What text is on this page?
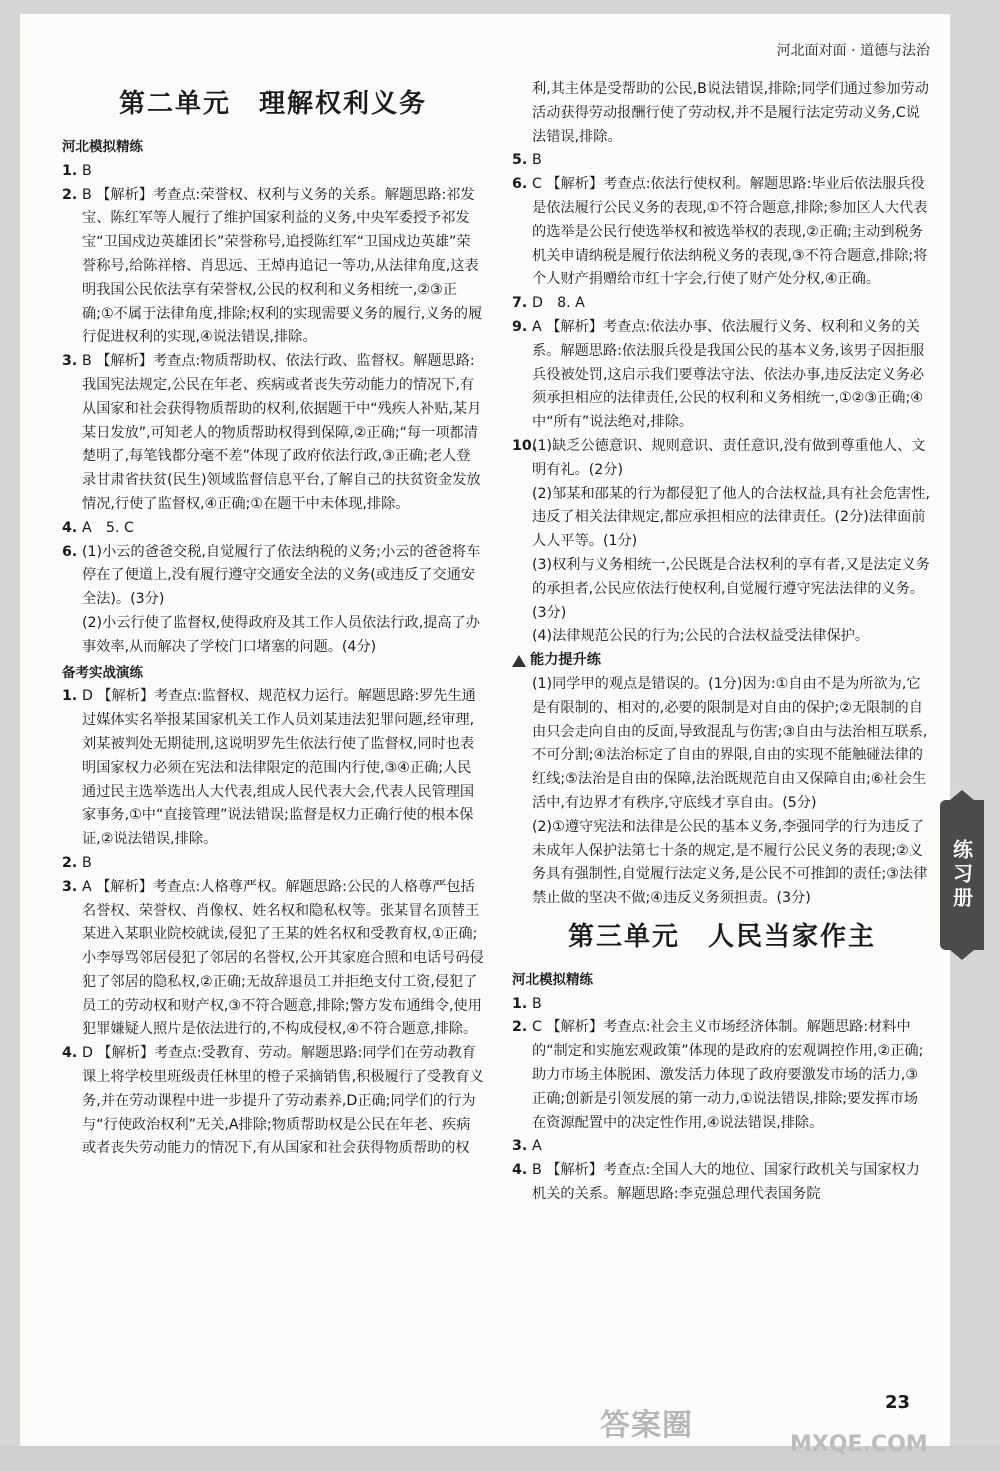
河北面对面 · 道德与法治
第二单元　理解权利义务
河北模拟精练
1. B
2. B 【解析】考查点:荣誉权、权利与义务的关系。解题思路:祁发宝、陈红军等人履行了维护国家利益的义务,中央军委授予祁发宝“卫国戍边英雄团长”荣誉称号,追授陈红军“卫国戍边英雄”荣誉称号,给陈祥榕、肖思远、王焯冉追记一等功,从法律角度,这表明我国公民依法享有荣誉权,公民的权利和义务相统一,②③正确;①不属于法律角度,排除;权利的实现需要义务的履行,义务的履行促进权利的实现,④说法错误,排除。
3. B 【解析】考查点:物质帮助权、依法行政、监督权。解题思路:我国宪法规定,公民在年老、疾病或者丧失劳动能力的情况下,有从国家和社会获得物质帮助的权利,依据题干中“残疾人补贴,某月某日发放”,可知老人的物质帮助权得到保障,②正确;“每一项都清楚明了,每笔钱都分毫不差”体现了政府依法行政,③正确;老人登录甘肃省扶贫(民生)领域监督信息平台,了解自己的扶贫资金发放情况,行使了监督权,④正确;①在题干中未体现,排除。
4. A　5. C
6. (1)小云的爸爸交税,自觉履行了依法纳税的义务;小云的爸爸将车停在了便道上,没有履行遵守交通安全法的义务(或违反了交通安全法)。(3分)
(2)小云行使了监督权,使得政府及其工作人员依法行政,提高了办事效率,从而解决了学校门口堵塞的问题。(4分)
备考实战演练
1. D 【解析】考查点:监督权、规范权力运行。解题思路:罗先生通过媒体实名举报某国家机关工作人员刘某违法犯罪问题,经审理,刘某被判处无期徒刑,这说明罗先生依法行使了监督权,同时也表明国家权力必须在宪法和法律限定的范围内行使,③④正确;人民通过民主选举选出人大代表,组成人民代表大会,代表人民管理国家事务,①中“直接管理”说法错误;监督是权力正确行使的根本保证,②说法错误,排除。
2. B
3. A 【解析】考查点:人格尊严权。解题思路:公民的人格尊严包括名誉权、荣誉权、肖像权、姓名权和隐私权等。张某冒名顶替王某进入某职业院校就读,侵犯了王某的姓名权和受教育权,①正确;小李辱骂邻居侵犯了邻居的名誉权,公开其家庭合照和电话号码侵犯了邻居的隐私权,②正确;无故辞退员工并拒绝支付工资,侵犯了员工的劳动权和财产权,③不符合题意,排除;警方发布通缉令,使用犯罪嫌疑人照片是依法进行的,不构成侵权,④不符合题意,排除。
4. D 【解析】考查点:受教育、劳动。解题思路:同学们在劳动教育课上将学校里班级责任林里的橙子采摘销售,积极履行了受教育义务,并在劳动课程中进一步提升了劳动素养,D正确;同学们的行为与“行使政治权利”无关,A排除;物质帮助权是公民在年老、疾病或者丧失劳动能力的情况下,有从国家和社会获得物质帮助的权
利,其主体是受帮助的公民,B说法错误,排除;同学们通过参加劳动活动获得劳动报酬行使了劳动权,并不是履行法定劳动义务,C说法错误,排除。
5. B
6. C 【解析】考查点:依法行使权利。解题思路:毕业后依法服兵役是依法履行公民义务的表现,①不符合题意,排除;参加区人大代表的选举是公民行使选举权和被选举权的表现,②正确;主动到税务机关申请纳税是履行依法纳税义务的表现,③不符合题意,排除;将个人财产捐赠给市红十字会,行使了财产处分权,④正确。
7. D　8. A
9. A 【解析】考查点:依法办事、依法履行义务、权利和义务的关系。解题思路:依法服兵役是我国公民的基本义务,该男子因拒服兵役被处罚,这启示我们要尊法守法、依法办事,违反法定义务必须承担相应的法律责任,公民的权利和义务相统一,①②③正确;④中“所有”说法绝对,排除。
10.
(1)缺乏公德意识、规则意识、责任意识,没有做到尊重他人、文明有礼。(2分)
(2)邹某和邵某的行为都侵犯了他人的合法权益,具有社会危害性,违反了相关法律规定,都应承担相应的法律责任。(2分)法律面前人人平等。(1分)
(3)权利与义务相统一,公民既是合法权利的享有者,又是法定义务的承担者,公民应依法行使权利,自觉履行遵守宪法法律的义务。(3分)
(4)法律规范公民的行为;公民的合法权益受法律保护。
能力提升练
(1)同学甲的观点是错误的。(1分)因为:①自由不是为所欲为,它是有限制的、相对的,必要的限制是对自由的保护;②无限制的自由只会走向自由的反面,导致混乱与伤害;③自由与法治相互联系,不可分割;④法治标定了自由的界限,自由的实现不能触碰法律的红线;⑤法治是自由的保障,法治既规范自由又保障自由;⑥社会生活中,有边界才有秩序,守底线才享自由。(5分)
(2)①遵守宪法和法律是公民的基本义务,李强同学的行为违反了未成年人保护法第七十条的规定,是不履行公民义务的表现;②义务具有强制性,自觉履行法定义务,是公民不可推卸的责任;③法律禁止做的坚决不做;④违反义务须担责。(3分)
第三单元　人民当家作主
河北模拟精练
1. B
2. C 【解析】考查点:社会主义市场经济体制。解题思路:材料中的“制定和实施宏观政策”体现的是政府的宏观调控作用,②正确;助力市场主体脱困、激发活力体现了政府要激发市场的活力,③正确;创新是引领发展的第一动力,①说法错误,排除;要发挥市场在资源配置中的决定性作用,④说法错误,排除。
3. A
4. B 【解析】考查点:全国人大的地位、国家行政机关与国家权力机关的关系。解题思路:李克强总理代表国务院
练习册
23
答案圈
MXQE.COM
